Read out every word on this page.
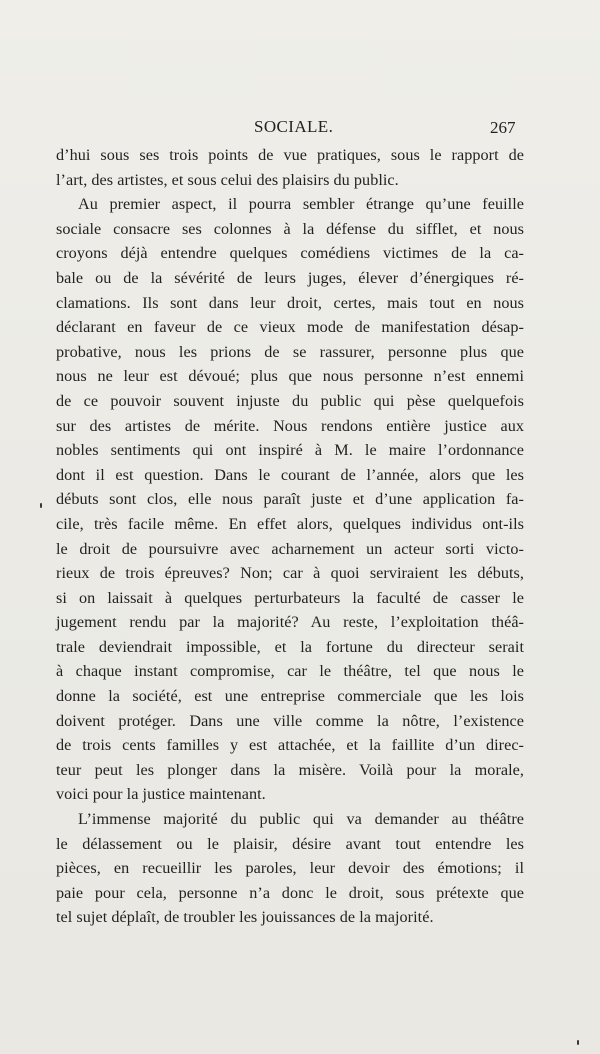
SOCIALE.	267
d’hui sous ses trois points de vue pratiques, sous le rapport de
l’art, des artistes, et sous celui des plaisirs du public.
Au premier aspect, il pourra sembler étrange qu’une feuille
sociale consacre ses colonnes à la défense du sifflet, et nous
croyons déjà entendre quelques comédiens victimes de la ca-
bale ou de la sévérité de leurs juges, élever d’énergiques ré-
clamations. Ils sont dans leur droit, certes, mais tout en nous
déclarant en faveur de ce vieux mode de manifestation désap-
probative, nous les prions de se rassurer, personne plus que
nous ne leur est dévoué; plus que nous personne n’est ennemi
de ce pouvoir souvent injuste du public qui pèse quelquefois
sur des artistes de mérite. Nous rendons entière justice aux
nobles sentiments qui ont inspiré à M. le maire l’ordonnance
dont il est question. Dans le courant de l’année, alors que les
débuts sont clos, elle nous paraît juste et d’une application fa-
cile, très facile même. En effet alors, quelques individus ont-ils
le droit de poursuivre avec acharnement un acteur sorti victo-
rieux de trois épreuves? Non; car à quoi serviraient les débuts,
si on laissait à quelques perturbateurs la faculté de casser le
jugement rendu par la majorité? Au reste, l’exploitation théâ-
trale deviendrait impossible, et la fortune du directeur serait
à chaque instant compromise, car le théâtre, tel que nous le
donne la société, est une entreprise commerciale que les lois
doivent protéger. Dans une ville comme la nôtre, l’existence
de trois cents familles y est attachée, et la faillite d’un direc-
teur peut les plonger dans la misère. Voilà pour la morale,
voici pour la justice maintenant.
L’immense majorité du public qui va demander au théâtre
le délassement ou le plaisir, désire avant tout entendre les
pièces, en recueillir les paroles, leur devoir des émotions; il
paie pour cela, personne n’a donc le droit, sous prétexte que
tel sujet déplaît, de troubler les jouissances de la majorité.
